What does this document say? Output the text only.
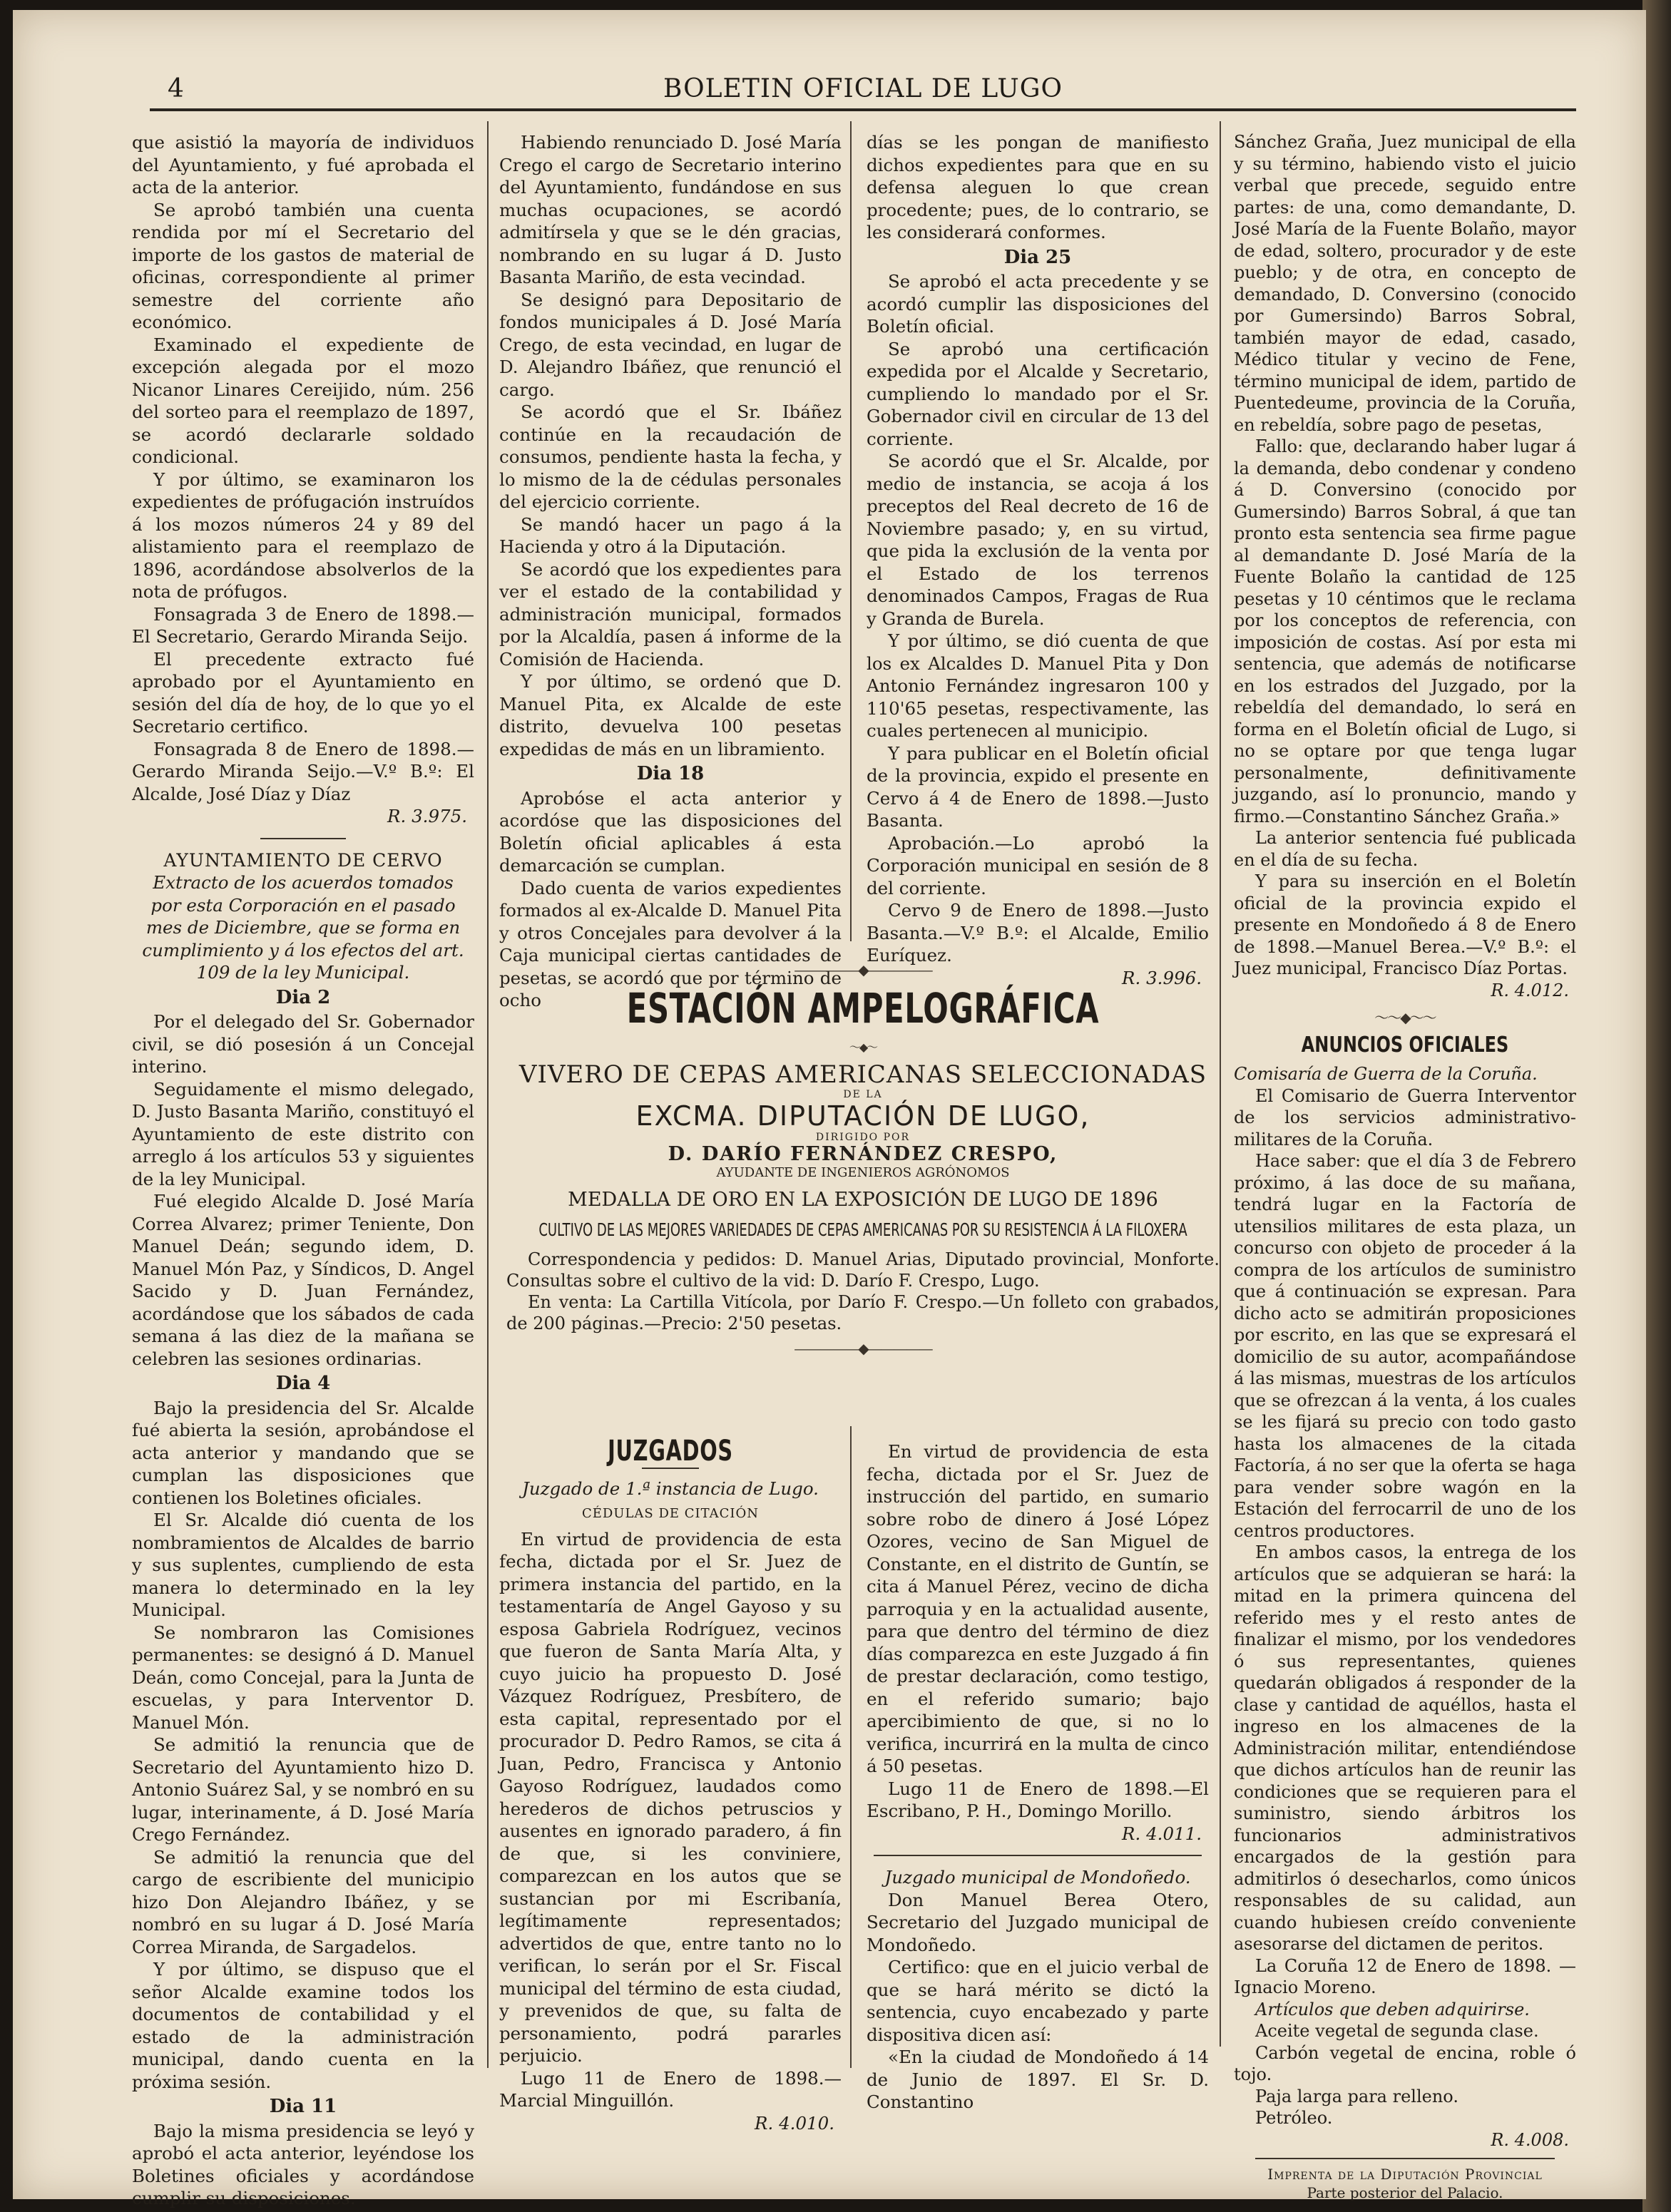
4	BOLETIN OFICIAL DE LUGO

que asistió la mayoría de individuos del Ayuntamiento, y fué aprobada el acta de la anterior.

Se aprobó también una cuenta rendida por mí el Secretario del importe de los gastos de material de oficinas, correspondiente al primer semestre del corriente año económico.

Examinado el expediente de excepción alegada por el mozo Nicanor Linares Cereijido, núm. 256 del sorteo para el reemplazo de 1897, se acordó declararle soldado condicional.

Y por último, se examinaron los expedientes de prófugación instruídos á los mozos números 24 y 89 del alistamiento para el reemplazo de 1896, acordándose absolverlos de la nota de prófugos.

Fonsagrada 3 de Enero de 1898.— El Secretario, Gerardo Miranda Seijo.

El precedente extracto fué aprobado por el Ayuntamiento en sesión del día de hoy, de lo que yo el Secretario certifico.

Fonsagrada 8 de Enero de 1898.— Gerardo Miranda Seijo.—V.º B.º: El Alcalde, José Díaz y Díaz

R. 3.975.
AYUNTAMIENTO DE CERVO
Extracto de los acuerdos tomados por esta Corporación en el pasado mes de Diciembre, que se forma en cumplimiento y á los efectos del art. 109 de la ley Municipal.
Dia 2

Por el delegado del Sr. Gobernador civil, se dió posesión á un Concejal interino.

Seguidamente el mismo delegado, D. Justo Basanta Mariño, constituyó el Ayuntamiento de este distrito con arreglo á los artículos 53 y siguientes de la ley Municipal.

Fué elegido Alcalde D. José María Correa Alvarez; primer Teniente, Don Manuel Deán; segundo idem, D. Manuel Món Paz, y Síndicos, D. Angel Sacido y D. Juan Fernández, acordándose que los sábados de cada semana á las diez de la mañana se celebren las sesiones ordinarias.

Dia 4

Bajo la presidencia del Sr. Alcalde fué abierta la sesión, aprobándose el acta anterior y mandando que se cumplan las disposiciones que contienen los Boletines oficiales.

El Sr. Alcalde dió cuenta de los nombramientos de Alcaldes de barrio y sus suplentes, cumpliendo de esta manera lo determinado en la ley Municipal.

Se nombraron las Comisiones permanentes: se designó á D. Manuel Deán, como Concejal, para la Junta de escuelas, y para Interventor D. Manuel Món.

Se admitió la renuncia que de Secretario del Ayuntamiento hizo D. Antonio Suárez Sal, y se nombró en su lugar, interinamente, á D. José María Crego Fernández.

Se admitió la renuncia que del cargo de escribiente del municipio hizo Don Alejandro Ibáñez, y se nombró en su lugar á D. José María Correa Miranda, de Sargadelos.

Y por último, se dispuso que el señor Alcalde examine todos los documentos de contabilidad y el estado de la administración municipal, dando cuenta en la próxima sesión.

Dia 11

Bajo la misma presidencia se leyó y aprobó el acta anterior, leyéndose los Boletines oficiales y acordándose cumplir su disposiciones.

Habiendo renunciado D. José María Crego el cargo de Secretario interino del Ayuntamiento, fundándose en sus muchas ocupaciones, se acordó admitírsela y que se le dén gracias, nombrando en su lugar á D. Justo Basanta Mariño, de esta vecindad.

Se designó para Depositario de fondos municipales á D. José María Crego, de esta vecindad, en lugar de D. Alejandro Ibáñez, que renunció el cargo.

Se acordó que el Sr. Ibáñez continúe en la recaudación de consumos, pendiente hasta la fecha, y lo mismo de la de cédulas personales del ejercicio corriente.

Se mandó hacer un pago á la Hacienda y otro á la Diputación.

Se acordó que los expedientes para ver el estado de la contabilidad y administración municipal, formados por la Alcaldía, pasen á informe de la Comisión de Hacienda.

Y por último, se ordenó que D. Manuel Pita, ex Alcalde de este distrito, devuelva 100 pesetas expedidas de más en un libramiento.

Dia 18

Aprobóse el acta anterior y acordóse que las disposiciones del Boletín oficial aplicables á esta demarcación se cumplan.

Dado cuenta de varios expedientes formados al ex-Alcalde D. Manuel Pita y otros Concejales para devolver á la Caja municipal ciertas cantidades de pesetas, se acordó que por término de ocho

días se les pongan de manifiesto dichos expedientes para que en su defensa aleguen lo que crean procedente; pues, de lo contrario, se les considerará conformes.

Dia 25

Se aprobó el acta precedente y se acordó cumplir las disposiciones del Boletín oficial.

Se aprobó una certificación expedida por el Alcalde y Secretario, cumpliendo lo mandado por el Sr. Gobernador civil en circular de 13 del corriente.

Se acordó que el Sr. Alcalde, por medio de instancia, se acoja á los preceptos del Real decreto de 16 de Noviembre pasado; y, en su virtud, que pida la exclusión de la venta por el Estado de los terrenos denominados Campos, Fragas de Rua y Granda de Burela.

Y por último, se dió cuenta de que los ex Alcaldes D. Manuel Pita y Don Antonio Fernández ingresaron 100 y 110'65 pesetas, respectivamente, las cuales pertenecen al municipio.

Y para publicar en el Boletín oficial de la provincia, expido el presente en Cervo á 4 de Enero de 1898.—Justo Basanta.

Aprobación.—Lo aprobó la Corporación municipal en sesión de 8 del corriente.

Cervo 9 de Enero de 1898.—Justo Basanta.—V.º B.º: el Alcalde, Emilio Euríquez.

R. 3.996.

Sánchez Graña, Juez municipal de ella y su término, habiendo visto el juicio verbal que precede, seguido entre partes: de una, como demandante, D. José María de la Fuente Bolaño, mayor de edad, soltero, procurador y de este pueblo; y de otra, en concepto de demandado, D. Conversino (conocido por Gumersindo) Barros Sobral, también mayor de edad, casado, Médico titular y vecino de Fene, término municipal de idem, partido de Puentedeume, provincia de la Coruña, en rebeldía, sobre pago de pesetas,

Fallo: que, declarando haber lugar á la demanda, debo condenar y condeno á D. Conversino (conocido por Gumersindo) Barros Sobral, á que tan pronto esta sentencia sea firme pague al demandante D. José María de la Fuente Bolaño la cantidad de 125 pesetas y 10 céntimos que le reclama por los conceptos de referencia, con imposición de costas. Así por esta mi sentencia, que además de notificarse en los estrados del Juzgado, por la rebeldía del demandado, lo será en forma en el Boletín oficial de Lugo, si no se optare por que tenga lugar personalmente, definitivamente juzgando, así lo pronuncio, mando y firmo.—Constantino Sánchez Graña.»

La anterior sentencia fué publicada en el día de su fecha.

Y para su inserción en el Boletín oficial de la provincia expido el presente en Mondoñedo á 8 de Enero de 1898.—Manuel Berea.—V.º B.º: el Juez municipal, Francisco Díaz Portas.

R. 4.012.
〜〜◆〜〜
ANUNCIOS OFICIALES
Comisaría de Guerra de la Coruña.

El Comisario de Guerra Interventor de los servicios administrativo-militares de la Coruña.

Hace saber: que el día 3 de Febrero próximo, á las doce de su mañana, tendrá lugar en la Factoría de utensilios militares de esta plaza, un concurso con objeto de proceder á la compra de los artículos de suministro que á continuación se expresan. Para dicho acto se admitirán proposiciones por escrito, en las que se expresará el domicilio de su autor, acompañándose á las mismas, muestras de los artículos que se ofrezcan á la venta, á los cuales se les fijará su precio con todo gasto hasta los almacenes de la citada Factoría, á no ser que la oferta se haga para vender sobre wagón en la Estación del ferrocarril de uno de los centros productores.

En ambos casos, la entrega de los artículos que se adquieran se hará: la mitad en la primera quincena del referido mes y el resto antes de finalizar el mismo, por los vendedores ó sus representantes, quienes quedarán obligados á responder de la clase y cantidad de aquéllos, hasta el ingreso en los almacenes de la Administración militar, entendiéndose que dichos artículos han de reunir las condiciones que se requieren para el suministro, siendo árbitros los funcionarios administrativos encargados de la gestión para admitirlos ó desecharlos, como únicos responsables de su calidad, aun cuando hubiesen creído conveniente asesorarse del dictamen de peritos.

La Coruña 12 de Enero de 1898. —Ignacio Moreno.

Artículos que deben adquirirse.

Aceite vegetal de segunda clase.

Carbón vegetal de encina, roble ó tojo.

Paja larga para relleno.

Petróleo.

R. 4.008.
Imprenta de la Diputación Provincial
Parte posterior del Palacio.
—————◆—————
ESTACIÓN AMPELOGRÁFICA
〜◆〜
VIVERO DE CEPAS AMERICANAS SELECCIONADAS
DE LA
EXCMA. DIPUTACIÓN DE LUGO,
DIRIGIDO POR
D. DARÍO FERNÁNDEZ CRESPO,
AYUDANTE DE INGENIEROS AGRÓNOMOS
MEDALLA DE ORO EN LA EXPOSICIÓN DE LUGO DE 1896
CULTIVO DE LAS MEJORES VARIEDADES DE CEPAS AMERICANAS POR SU RESISTENCIA Á LA FILOXERA

Correspondencia y pedidos: D. Manuel Arias, Diputado provincial, Monforte. Consultas sobre el cultivo de la vid: D. Darío F. Crespo, Lugo.

En venta: La Cartilla Vitícola, por Darío F. Crespo.—Un folleto con grabados, de 200 páginas.—Precio: 2'50 pesetas.

—————◆—————
JUZGADOS
Juzgado de 1.ª instancia de Lugo.
CÉDULAS DE CITACIÓN

En virtud de providencia de esta fecha, dictada por el Sr. Juez de primera instancia del partido, en la testamentaría de Angel Gayoso y su esposa Gabriela Rodríguez, vecinos que fueron de Santa María Alta, y cuyo juicio ha propuesto D. José Vázquez Rodríguez, Presbítero, de esta capital, representado por el procurador D. Pedro Ramos, se cita á Juan, Pedro, Francisca y Antonio Gayoso Rodríguez, laudados como herederos de dichos petruscios y ausentes en ignorado paradero, á fin de que, si les conviniere, comparezcan en los autos que se sustancian por mi Escribanía, legítimamente representados; advertidos de que, entre tanto no lo verifican, lo serán por el Sr. Fiscal municipal del término de esta ciudad, y prevenidos de que, su falta de personamiento, podrá pararles perjuicio.

Lugo 11 de Enero de 1898.—Marcial Minguillón.

R. 4.010.

En virtud de providencia de esta fecha, dictada por el Sr. Juez de instrucción del partido, en sumario sobre robo de dinero á José López Ozores, vecino de San Miguel de Constante, en el distrito de Guntín, se cita á Manuel Pérez, vecino de dicha parroquia y en la actualidad ausente, para que dentro del término de diez días comparezca en este Juzgado á fin de prestar declaración, como testigo, en el referido sumario; bajo apercibimiento de que, si no lo verifica, incurrirá en la multa de cinco á 50 pesetas.

Lugo 11 de Enero de 1898.—El Escribano, P. H., Domingo Morillo.

R. 4.011.
Juzgado municipal de Mondoñedo.

Don Manuel Berea Otero, Secretario del Juzgado municipal de Mondoñedo.

Certifico: que en el juicio verbal de que se hará mérito se dictó la sentencia, cuyo encabezado y parte dispositiva dicen así:

«En la ciudad de Mondoñedo á 14 de Junio de 1897. El Sr. D. Constantino
